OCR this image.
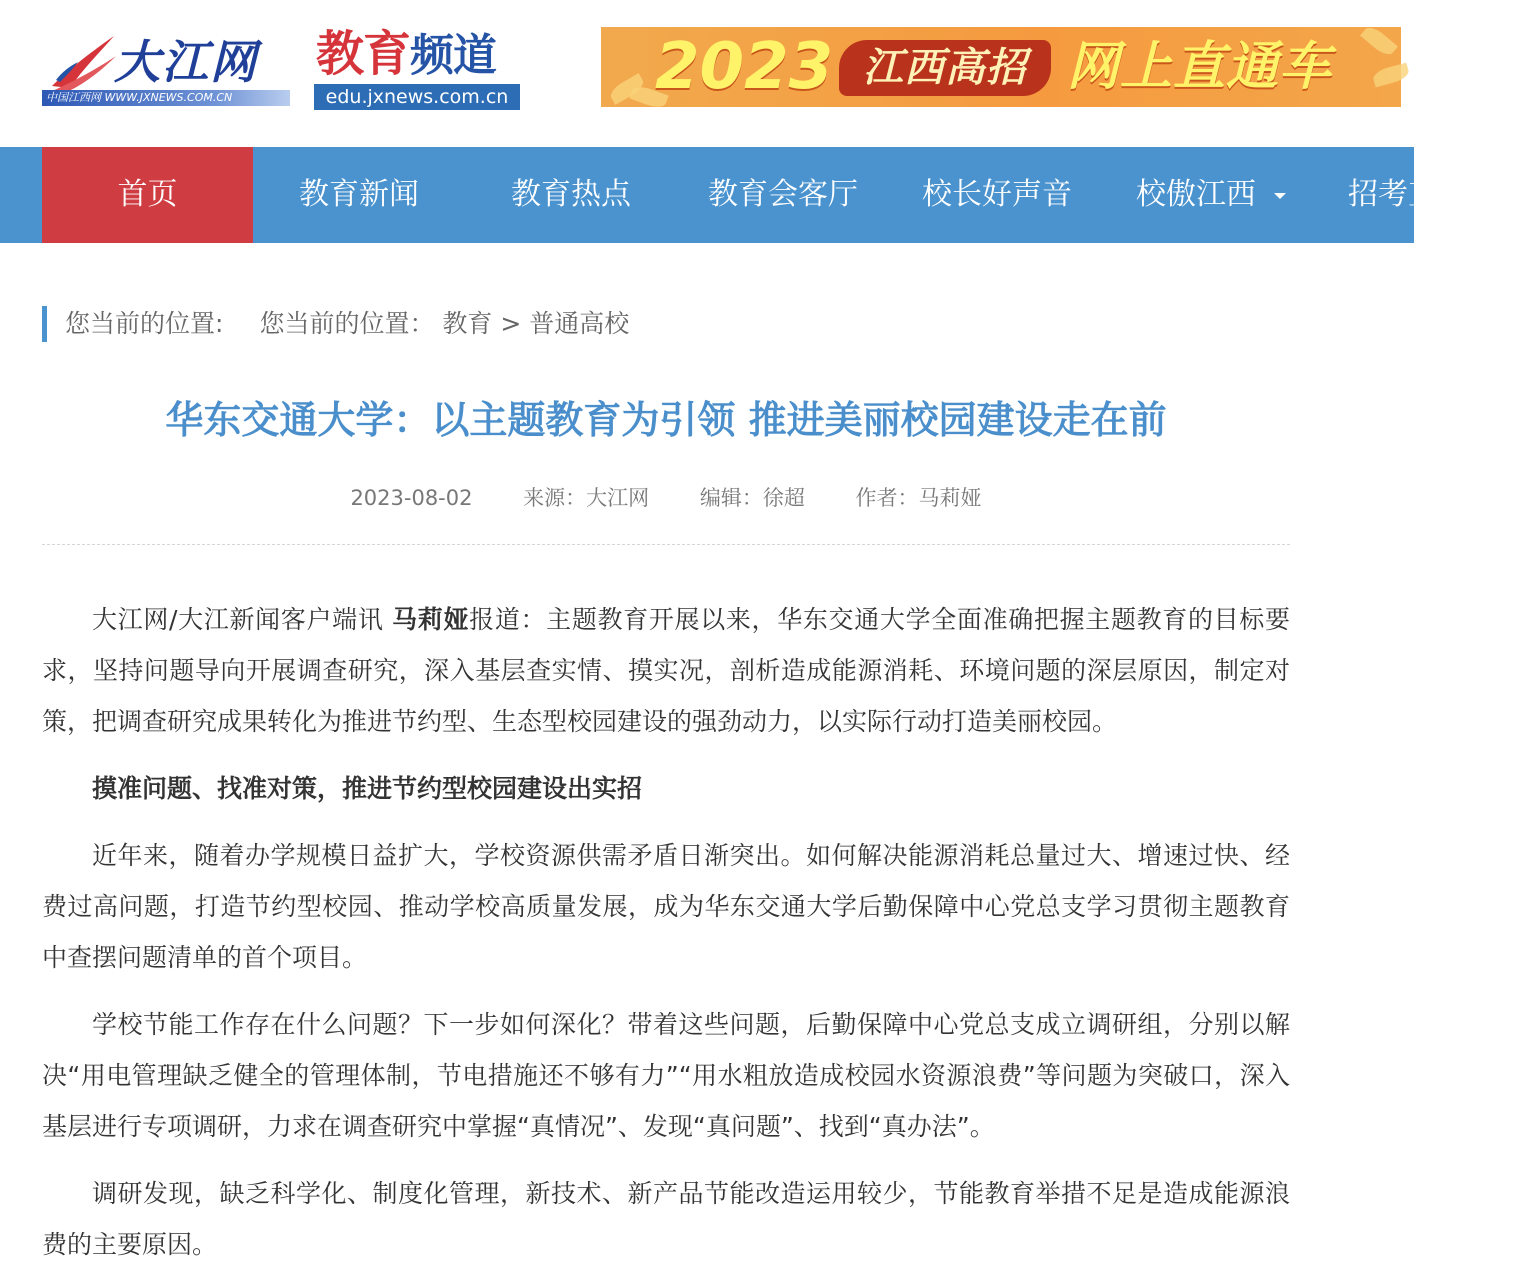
大江网
中国江西网 WWW.JXNEWS.COM.CN
教育频道
edu.jxnews.com.cn 2023 江西高招 网上直通车
首页	教育新闻	教育热点	教育会客厅	校长好声音	校傲江西	招考直通车
您当前的位置: 您当前的位置： 教育 > 普通高校
华东交通大学：以主题教育为引领 推进美丽校园建设走在前
2023-08-02 来源：大江网 编辑：徐超 作者：马莉娅

大江网/大江新闻客户端讯 马莉娅报道：主题教育开展以来，华东交通大学全面准确把握主题教育的目标要求，坚持问题导向开展调查研究，深入基层查实情、摸实况，剖析造成能源消耗、环境问题的深层原因，制定对策，把调查研究成果转化为推进节约型、生态型校园建设的强劲动力，以实际行动打造美丽校园。

摸准问题、找准对策，推进节约型校园建设出实招

近年来，随着办学规模日益扩大，学校资源供需矛盾日渐突出。如何解决能源消耗总量过大、增速过快、经费过高问题，打造节约型校园、推动学校高质量发展，成为华东交通大学后勤保障中心党总支学习贯彻主题教育中查摆问题清单的首个项目。

学校节能工作存在什么问题？下一步如何深化？带着这些问题，后勤保障中心党总支成立调研组，分别以解决“用电管理缺乏健全的管理体制，节电措施还不够有力”“用水粗放造成校园水资源浪费”等问题为突破口，深入基层进行专项调研，力求在调查研究中掌握“真情况”、发现“真问题”、找到“真办法”。

调研发现，缺乏科学化、制度化管理，新技术、新产品节能改造运用较少，节能教育举措不足是造成能源浪费的主要原因。
